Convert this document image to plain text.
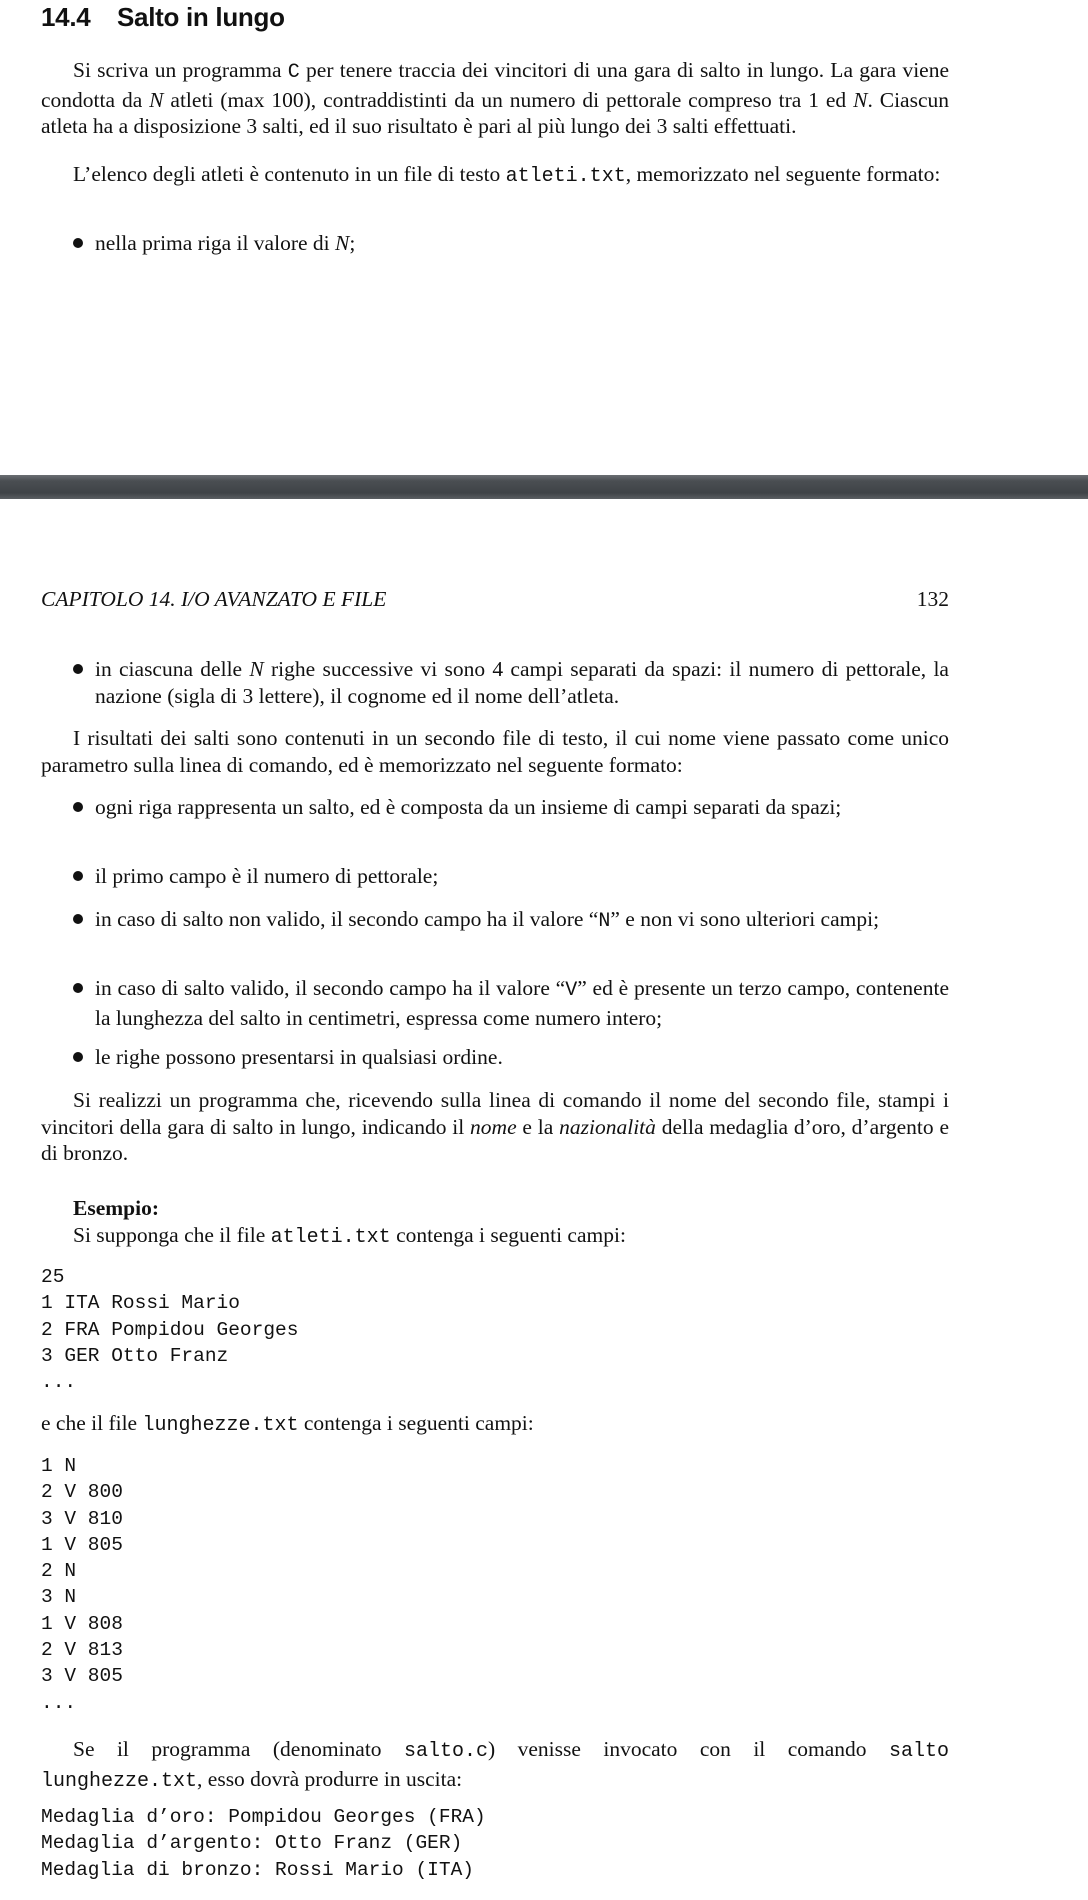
14.4 Salto in lungo
Si scriva un programma C per tenere traccia dei vincitori di una gara di salto in lungo. La gara viene condotta da N atleti (max 100), contraddistinti da un numero di pettorale compreso tra 1 ed N. Ciascun atleta ha a disposizione 3 salti, ed il suo risultato è pari al più lungo dei 3 salti effettuati.
L’elenco degli atleti è contenuto in un file di testo atleti.txt, memorizzato nel seguente formato:
nella prima riga il valore di N;
CAPITOLO 14. I/O AVANZATO E FILE	132
in ciascuna delle N righe successive vi sono 4 campi separati da spazi: il numero di pettorale, la nazione (sigla di 3 lettere), il cognome ed il nome dell’atleta.
I risultati dei salti sono contenuti in un secondo file di testo, il cui nome viene passato come unico parametro sulla linea di comando, ed è memorizzato nel seguente formato:
ogni riga rappresenta un salto, ed è composta da un insieme di campi separati da spazi;
il primo campo è il numero di pettorale;
in caso di salto non valido, il secondo campo ha il valore “N” e non vi sono ulteriori campi;
in caso di salto valido, il secondo campo ha il valore “V” ed è presente un terzo campo, contenente la lunghezza del salto in centimetri, espressa come numero intero;
le righe possono presentarsi in qualsiasi ordine.
Si realizzi un programma che, ricevendo sulla linea di comando il nome del secondo file, stampi i vincitori della gara di salto in lungo, indicando il nome e la nazionalità della medaglia d’oro, d’argento e di bronzo.
Esempio:
Si supponga che il file atleti.txt contenga i seguenti campi:
25
1 ITA Rossi Mario
2 FRA Pompidou Georges
3 GER Otto Franz
...
e che il file lunghezze.txt contenga i seguenti campi:
1 N
2 V 800
3 V 810
1 V 805
2 N
3 N
1 V 808
2 V 813
3 V 805
...
Se il programma (denominato salto.c) venisse invocato con il comando salto lunghezze.txt, esso dovrà produrre in uscita:
Medaglia d’oro: Pompidou Georges (FRA)
Medaglia d’argento: Otto Franz (GER)
Medaglia di bronzo: Rossi Mario (ITA)
